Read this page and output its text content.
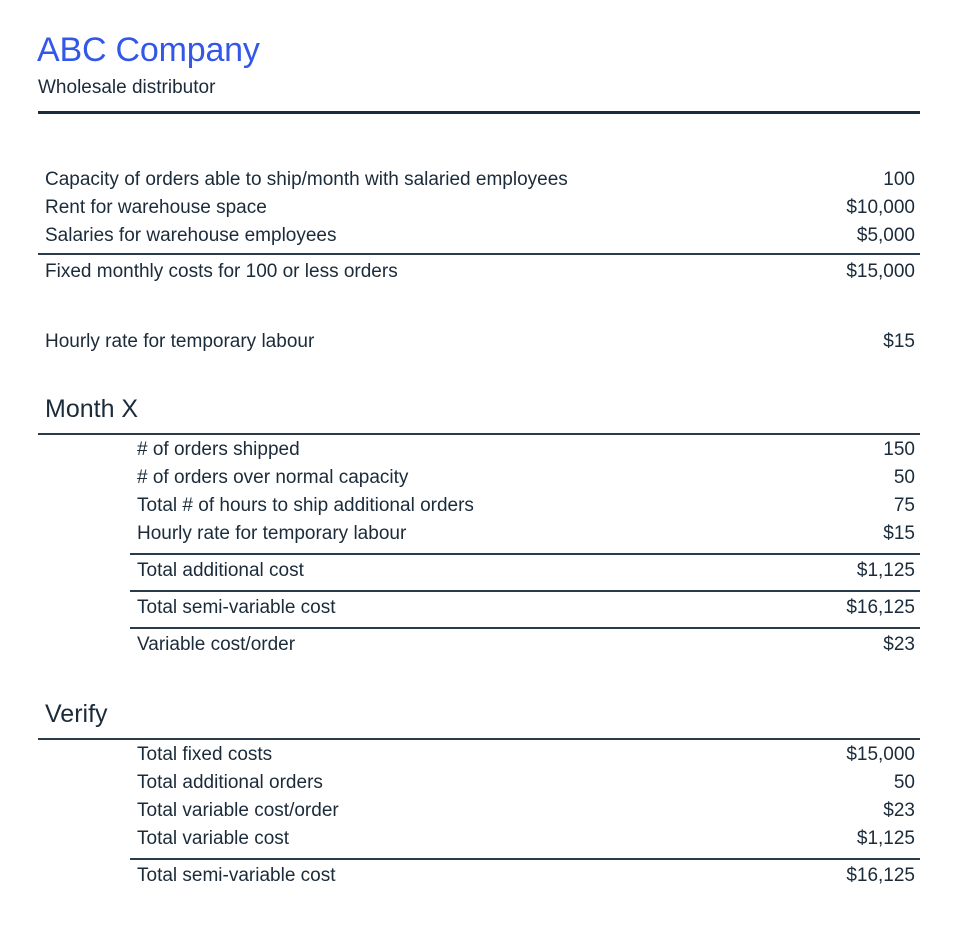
ABC Company
Wholesale distributor
Capacity of orders able to ship/month with salaried employees	100
Rent for warehouse space	$10,000
Salaries for warehouse employees	$5,000
Fixed monthly costs for 100 or less orders	$15,000
Hourly rate for temporary labour	$15
Month X
# of orders shipped	150
# of orders over normal capacity	50
Total # of hours to ship additional orders	75
Hourly rate for temporary labour	$15
Total additional cost	$1,125
Total semi-variable cost	$16,125
Variable cost/order	$23
Verify
Total fixed costs	$15,000
Total additional orders	50
Total variable cost/order	$23
Total variable cost	$1,125
Total semi-variable cost	$16,125
